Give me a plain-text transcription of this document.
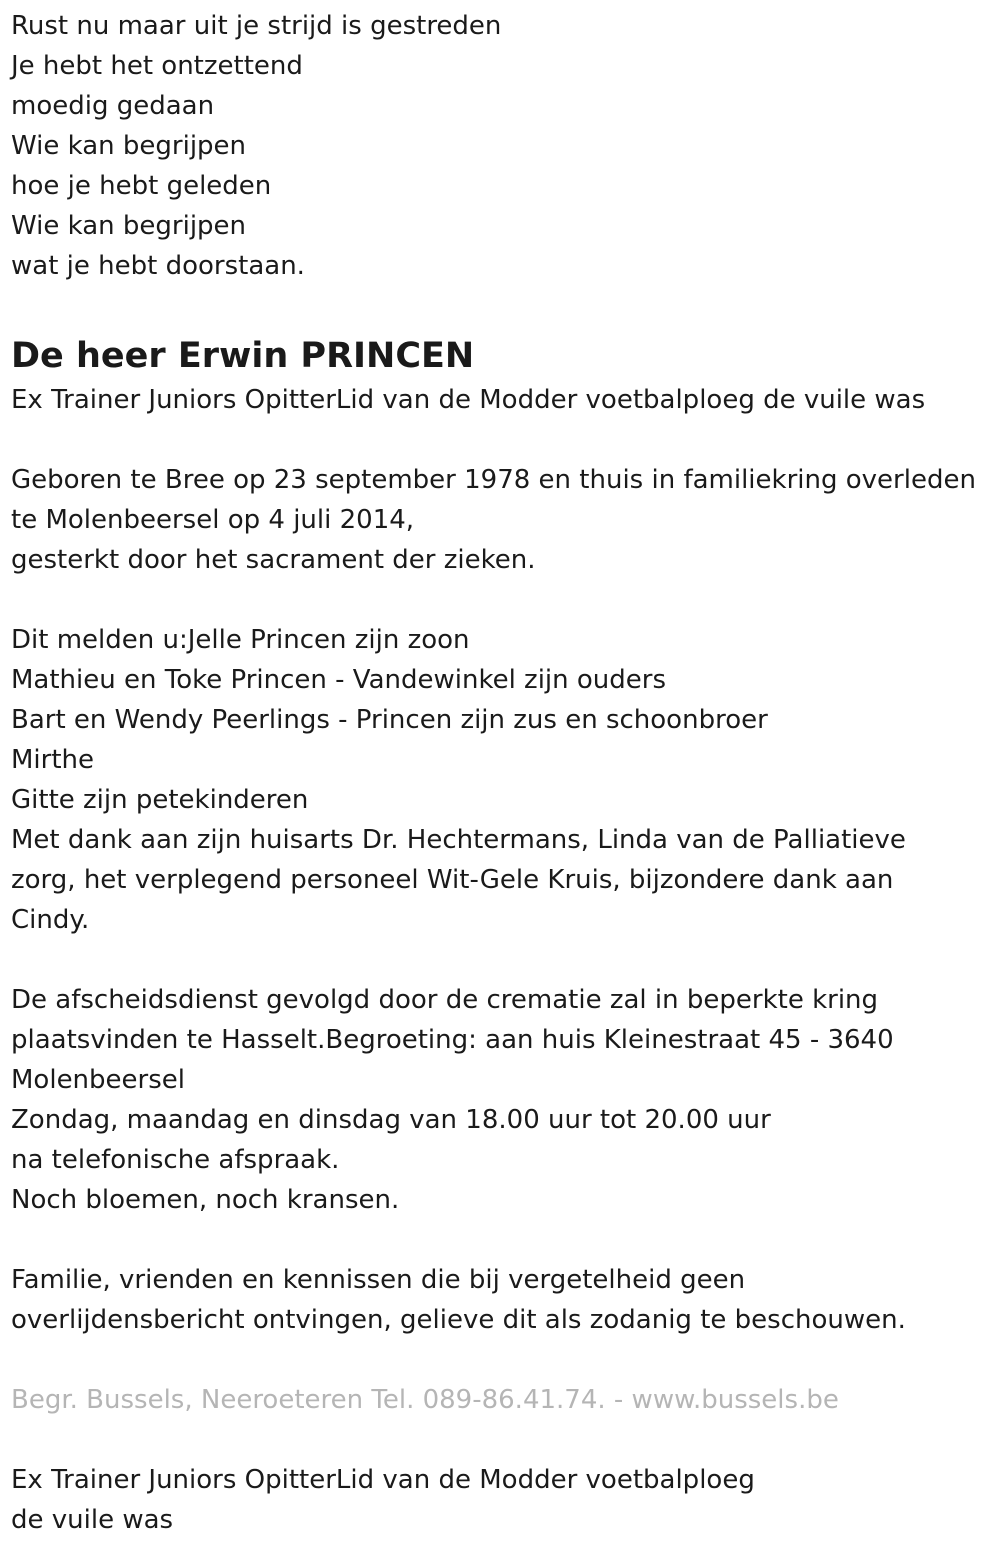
Rust nu maar uit je strijd is gestreden
Je hebt het ontzettend
moedig gedaan
Wie kan begrijpen
hoe je hebt geleden
Wie kan begrijpen
wat je hebt doorstaan.
De heer Erwin PRINCEN
Ex Trainer Juniors OpitterLid van de Modder voetbalploeg de vuile was
Geboren te Bree op 23 september 1978 en thuis in familiekring overleden
te Molenbeersel op 4 juli 2014,
gesterkt door het sacrament der zieken.
Dit melden u:Jelle Princen zijn zoon
Mathieu en Toke Princen - Vandewinkel zijn ouders
Bart en Wendy Peerlings - Princen zijn zus en schoonbroer
Mirthe
Gitte zijn petekinderen
Met dank aan zijn huisarts Dr. Hechtermans, Linda van de Palliatieve
zorg, het verplegend personeel Wit-Gele Kruis, bijzondere dank aan
Cindy.
De afscheidsdienst gevolgd door de crematie zal in beperkte kring
plaatsvinden te Hasselt.Begroeting: aan huis Kleinestraat 45 - 3640
Molenbeersel
Zondag, maandag en dinsdag van 18.00 uur tot 20.00 uur
na telefonische afspraak.
Noch bloemen, noch kransen.
Familie, vrienden en kennissen die bij vergetelheid geen
overlijdensbericht ontvingen, gelieve dit als zodanig te beschouwen.
Begr. Bussels, Neeroeteren Tel. 089-86.41.74. - www.bussels.be
Ex Trainer Juniors OpitterLid van de Modder voetbalploeg
de vuile was
